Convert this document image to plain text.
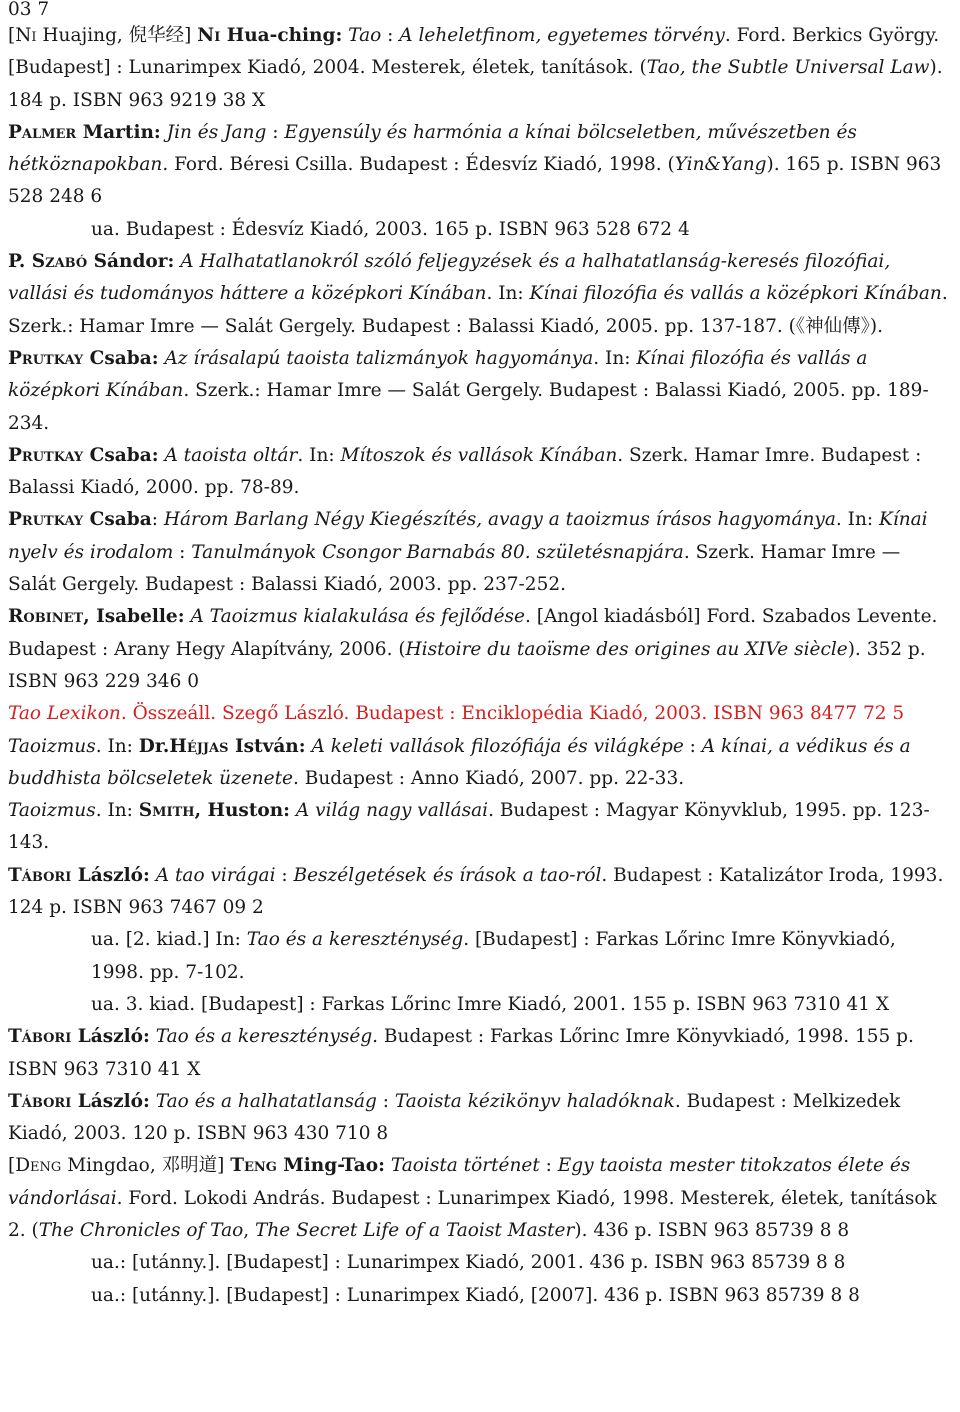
03 7

[Ni Huajing, 倪华经] Ni Hua-ching: Tao : A leheletfinom, egyetemes törvény. Ford. Berkics György. [Budapest] : Lunarimpex Kiadó, 2004. Mesterek, életek, tanítások. (Tao, the Subtle Universal Law). 184 p. ISBN 963 9219 38 X

Palmer Martin: Jin és Jang : Egyensúly és harmónia a kínai bölcseletben, művészetben és hétköznapokban. Ford. Béresi Csilla. Budapest : Édesvíz Kiadó, 1998. (Yin&Yang). 165 p. ISBN 963 528 248 6

ua. Budapest : Édesvíz Kiadó, 2003. 165 p. ISBN 963 528 672 4

P. Szabó Sándor: A Halhatatlanokról szóló feljegyzések és a halhatatlanság-keresés filozófiai, vallási és tudományos háttere a középkori Kínában. In: Kínai filozófia és vallás a középkori Kínában. Szerk.: Hamar Imre — Salát Gergely. Budapest : Balassi Kiadó, 2005. pp. 137-187. (《神仙傳》).

Prutkay Csaba: Az írásalapú taoista talizmányok hagyománya. In: Kínai filozófia és vallás a középkori Kínában. Szerk.: Hamar Imre — Salát Gergely. Budapest : Balassi Kiadó, 2005. pp. 189-234.

Prutkay Csaba: A taoista oltár. In: Mítoszok és vallások Kínában. Szerk. Hamar Imre. Budapest : Balassi Kiadó, 2000. pp. 78-89.

Prutkay Csaba: Három Barlang Négy Kiegészítés, avagy a taoizmus írásos hagyománya. In: Kínai nyelv és irodalom : Tanulmányok Csongor Barnabás 80. születésnapjára. Szerk. Hamar Imre — Salát Gergely. Budapest : Balassi Kiadó, 2003. pp. 237-252.

Robinet, Isabelle: A Taoizmus kialakulása és fejlődése. [Angol kiadásból] Ford. Szabados Levente. Budapest : Arany Hegy Alapítvány, 2006. (Histoire du taoïsme des origines au XIVe siècle). 352 p. ISBN 963 229 346 0

Tao Lexikon. Összeáll. Szegő László. Budapest : Enciklopédia Kiadó, 2003. ISBN 963 8477 72 5

Taoizmus. In: Dr.Héjjas István: A keleti vallások filozófiája és világképe : A kínai, a védikus és a buddhista bölcseletek üzenete. Budapest : Anno Kiadó, 2007. pp. 22-33.

Taoizmus. In: Smith, Huston: A világ nagy vallásai. Budapest : Magyar Könyvklub, 1995. pp. 123-143.

Tábori László: A tao virágai : Beszélgetések és írások a tao-ról. Budapest : Katalizátor Iroda, 1993. 124 p. ISBN 963 7467 09 2

ua. [2. kiad.] In: Tao és a kereszténység. [Budapest] : Farkas Lőrinc Imre Könyvkiadó, 1998. pp. 7-102.

ua. 3. kiad. [Budapest] : Farkas Lőrinc Imre Kiadó, 2001. 155 p. ISBN 963 7310 41 X

Tábori László: Tao és a kereszténység. Budapest : Farkas Lőrinc Imre Könyvkiadó, 1998. 155 p. ISBN 963 7310 41 X

Tábori László: Tao és a halhatatlanság : Taoista kézikönyv haladóknak. Budapest : Melkizedek Kiadó, 2003. 120 p. ISBN 963 430 710 8

[Deng Mingdao, 邓明道] Teng Ming-Tao: Taoista történet : Egy taoista mester titokzatos élete és vándorlásai. Ford. Lokodi András. Budapest : Lunarimpex Kiadó, 1998. Mesterek, életek, tanítások 2. (The Chronicles of Tao, The Secret Life of a Taoist Master). 436 p. ISBN 963 85739 8 8

ua.: [utánny.]. [Budapest] : Lunarimpex Kiadó, 2001. 436 p. ISBN 963 85739 8 8

ua.: [utánny.]. [Budapest] : Lunarimpex Kiadó, [2007]. 436 p. ISBN 963 85739 8 8
